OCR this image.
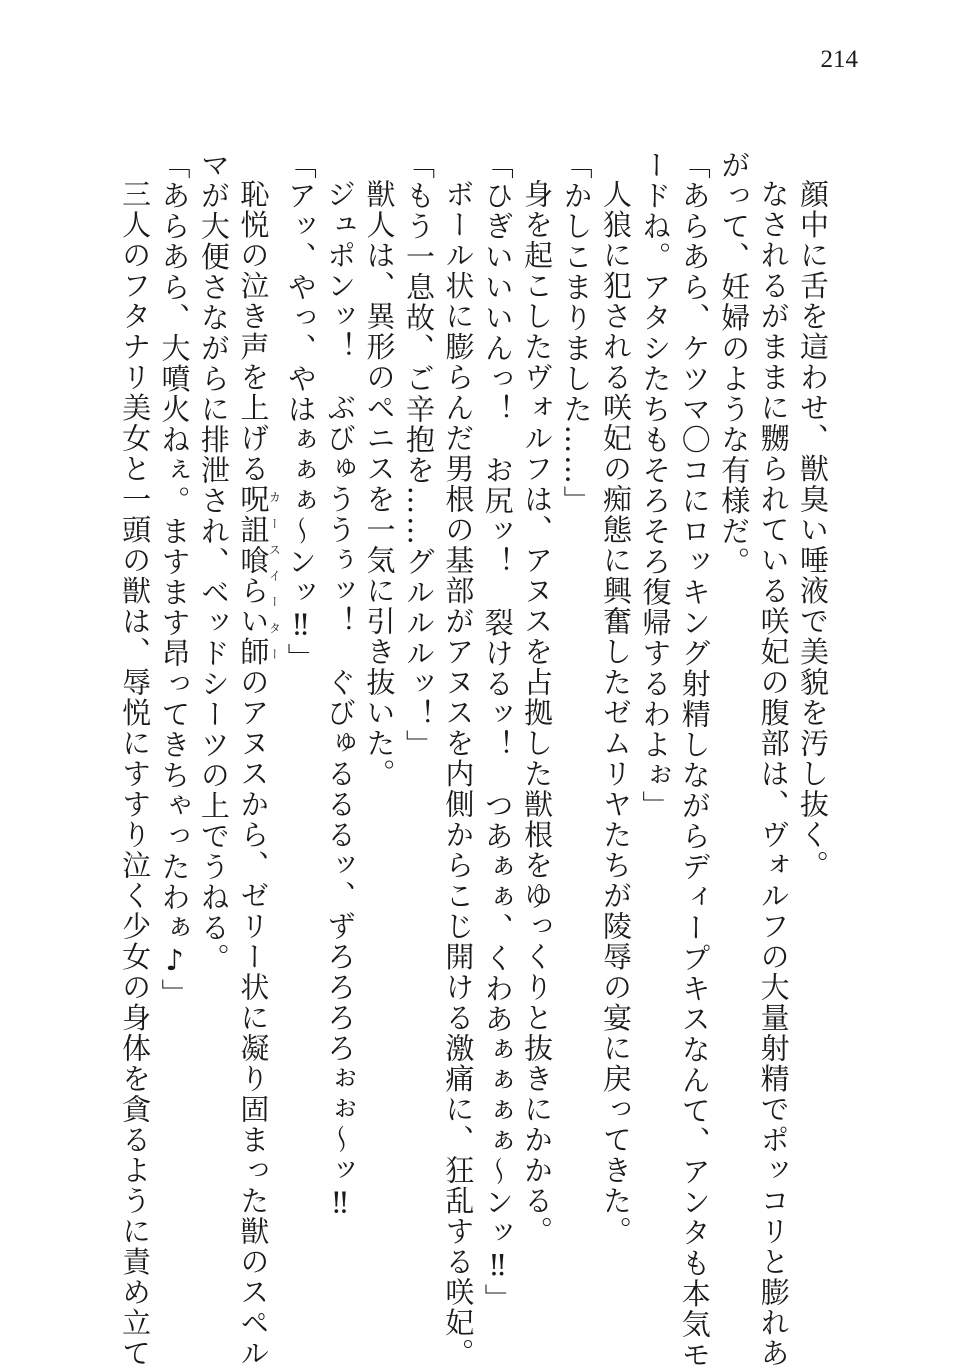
214
顔中に舌を這わせ、獣臭い唾液で美貌を汚し抜く。
なされるがままに嬲られている咲妃の腹部は、ヴォルフの大量射精でポッコリと膨れあ
がって、妊婦のような有様だ。
「あらあら、ケツマ〇コにロッキング射精しながらディープキスなんて、アンタも本気モ
ードね。アタシたちもそろそろ復帰するわよぉ」
人狼に犯される咲妃の痴態に興奮したゼムリヤたちが陵辱の宴に戻ってきた。
「かしこまりました……」
身を起こしたヴォルフは、アヌスを占拠した獣根をゆっくりと抜きにかかる。
「ひぎいいいんっ！　お尻ッ！　裂けるッ！　つあぁぁ、くわあぁぁぁぁ〜ンッ‼」
ボール状に膨らんだ男根の基部がアヌスを内側からこじ開ける激痛に、狂乱する咲妃。
「もう一息故、ご辛抱を……グルルルッ！」
獣人は、異形のペニスを一気に引き抜いた。
ジュポンッ！　ぶびゅううぅッ！　ぐびゅるるるッ、ずろろろろぉぉ〜ッ‼
「アッ、やっ、やはぁぁぁ〜ンッ‼」
恥悦の泣き声を上げる呪詛喰らい師カースイーターのアヌスから、ゼリー状に凝り固まった獣のスペル
マが大便さながらに排泄され、ベッドシーツの上でうねる。
「あらあら、大噴火ねぇ。ますます昂ってきちゃったわぁ♪」
三人のフタナリ美女と一頭の獣は、辱悦にすすり泣く少女の身体を貪るように責め立て
